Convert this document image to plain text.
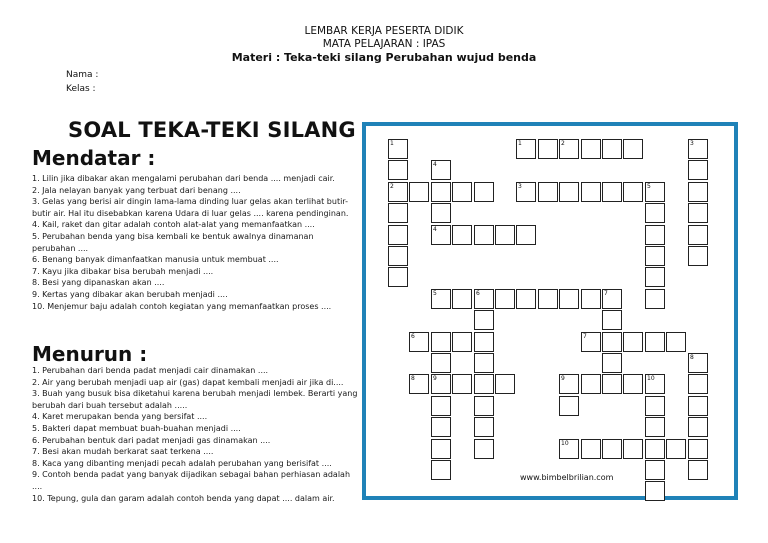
LEMBAR KERJA PESERTA DIDIK
MATA PELAJARAN : IPAS
Materi : Teka-teki silang Perubahan wujud benda
Nama :
Kelas :
SOAL TEKA-TEKI SILANG
Mendatar :
1. Lilin jika dibakar akan mengalami perubahan dari benda .... menjadi cair.
2. Jala nelayan banyak yang terbuat dari benang ....
3. Gelas yang berisi air dingin lama-lama dinding luar gelas akan terlihat butir-
butir air. Hal itu disebabkan karena Udara di luar gelas .... karena pendinginan.
4. Kail, raket dan gitar adalah contoh alat-alat yang memanfaatkan ....
5. Perubahan benda yang bisa kembali ke bentuk awalnya dinamanan
perubahan ....
6. Benang banyak dimanfaatkan manusia untuk membuat ....
7. Kayu jika dibakar bisa berubah menjadi ....
8. Besi yang dipanaskan akan ....
9. Kertas yang dibakar akan berubah menjadi ....
10. Menjemur baju adalah contoh kegiatan yang memanfaatkan proses ....
Menurun :
1. Perubahan dari benda padat menjadi cair dinamakan ....
2. Air yang berubah menjadi uap air (gas) dapat kembali menjadi air jika di....
3. Buah yang busuk bisa diketahui karena berubah menjadi lembek. Berarti yang
berubah dari buah tersebut adalah .....
4. Karet merupakan benda yang bersifat ....
5. Bakteri dapat membuat buah-buahan menjadi ....
6. Perubahan bentuk dari padat menjadi gas dinamakan ....
7. Besi akan mudah berkarat saat terkena ....
8. Kaca yang dibanting menjadi pecah adalah perubahan yang berisifat ....
9. Contoh benda padat yang banyak dijadikan sebagai bahan perhiasan adalah ....
10. Tepung, gula dan garam adalah contoh benda yang dapat .... dalam air.
1	2
2	3
4
5	6	7
6	7
8	9	9
10
1
4
3
5
8
10
www.bimbelbrilian.com
